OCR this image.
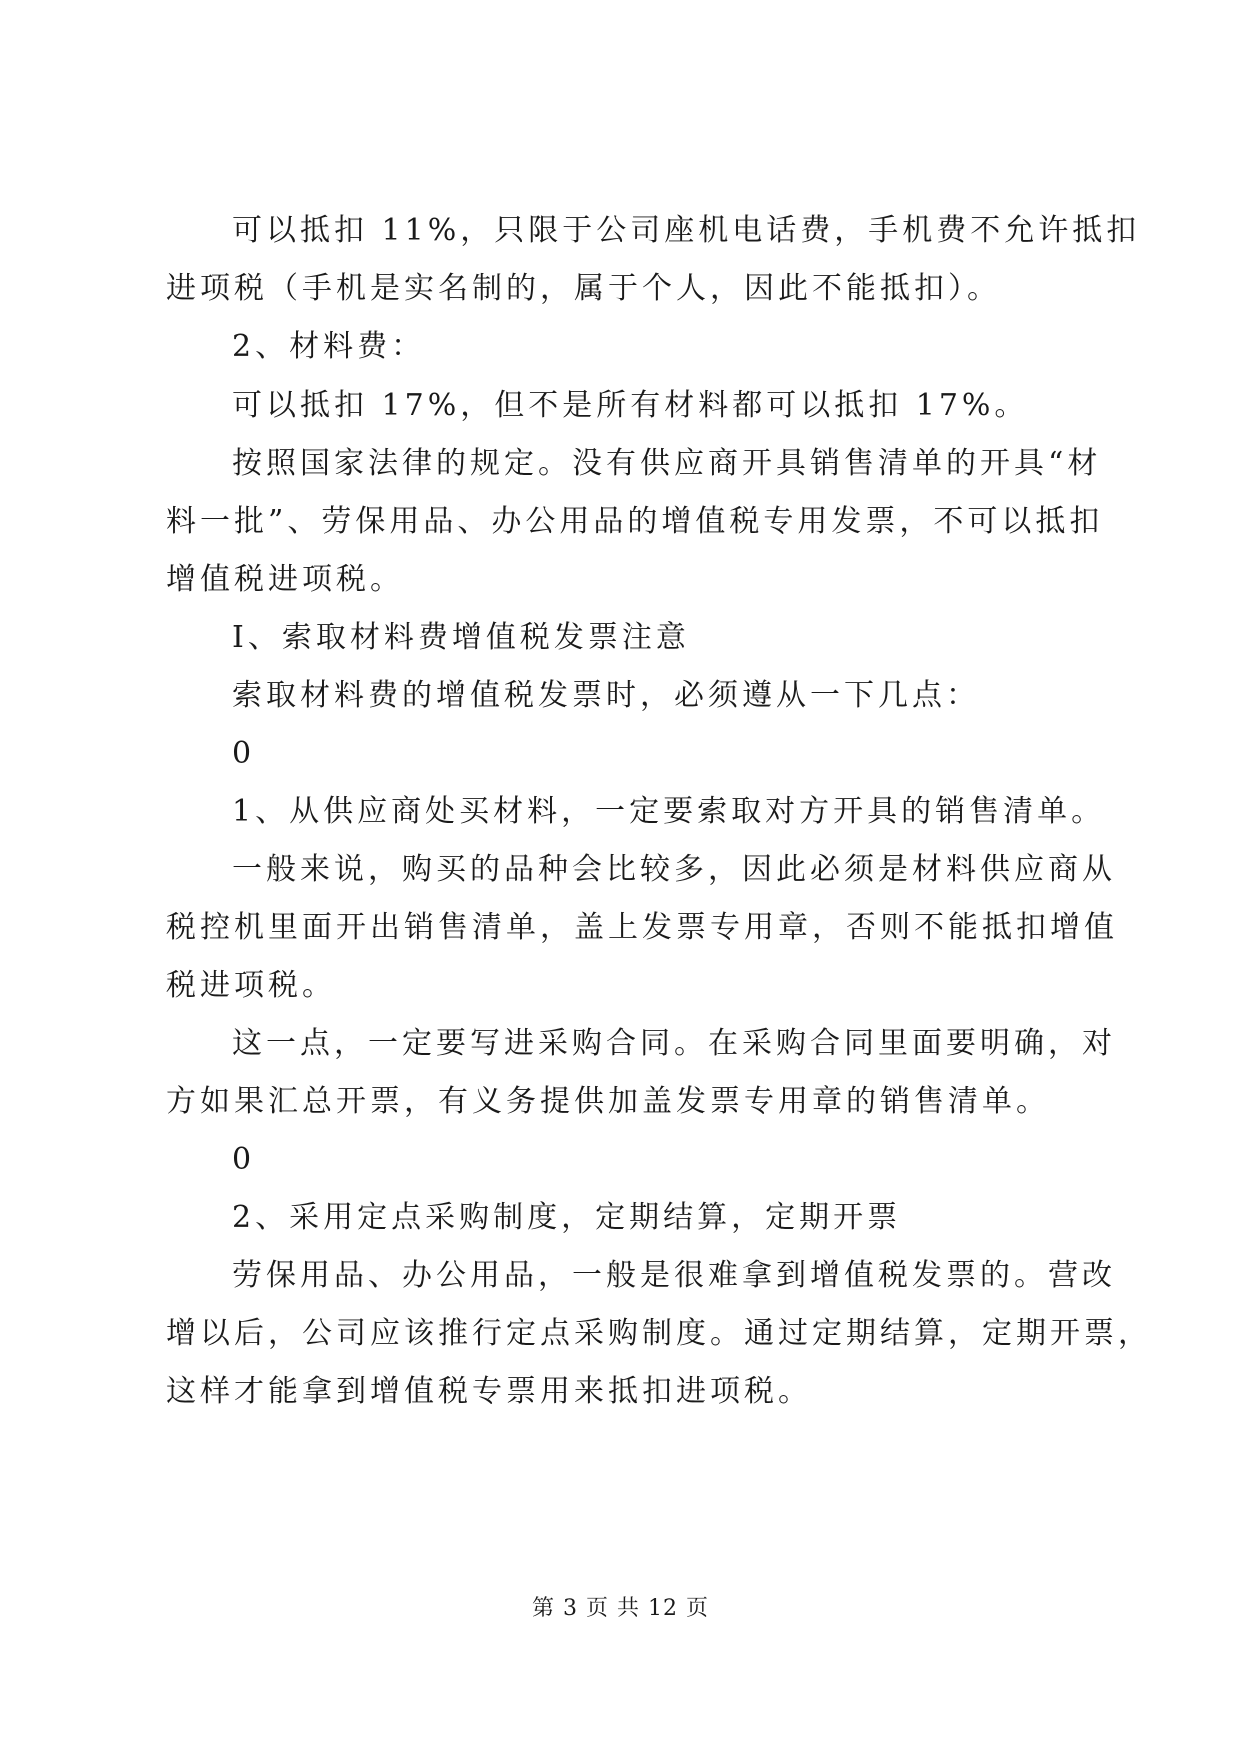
可以抵扣 11%，只限于公司座机电话费，手机费不允许抵扣
进项税（手机是实名制的，属于个人，因此不能抵扣）。
2、材料费：
可以抵扣 17%，但不是所有材料都可以抵扣 17%。
按照国家法律的规定。没有供应商开具销售清单的开具“材
料一批”、劳保用品、办公用品的增值税专用发票，不可以抵扣
增值税进项税。
Ⅰ、索取材料费增值税发票注意
索取材料费的增值税发票时，必须遵从一下几点：
0
1、从供应商处买材料，一定要索取对方开具的销售清单。
一般来说，购买的品种会比较多，因此必须是材料供应商从
税控机里面开出销售清单，盖上发票专用章，否则不能抵扣增值
税进项税。
这一点，一定要写进采购合同。在采购合同里面要明确，对
方如果汇总开票，有义务提供加盖发票专用章的销售清单。
0
2、采用定点采购制度，定期结算，定期开票
劳保用品、办公用品，一般是很难拿到增值税发票的。营改
增以后，公司应该推行定点采购制度。通过定期结算，定期开票，
这样才能拿到增值税专票用来抵扣进项税。
第 3 页 共 12 页
